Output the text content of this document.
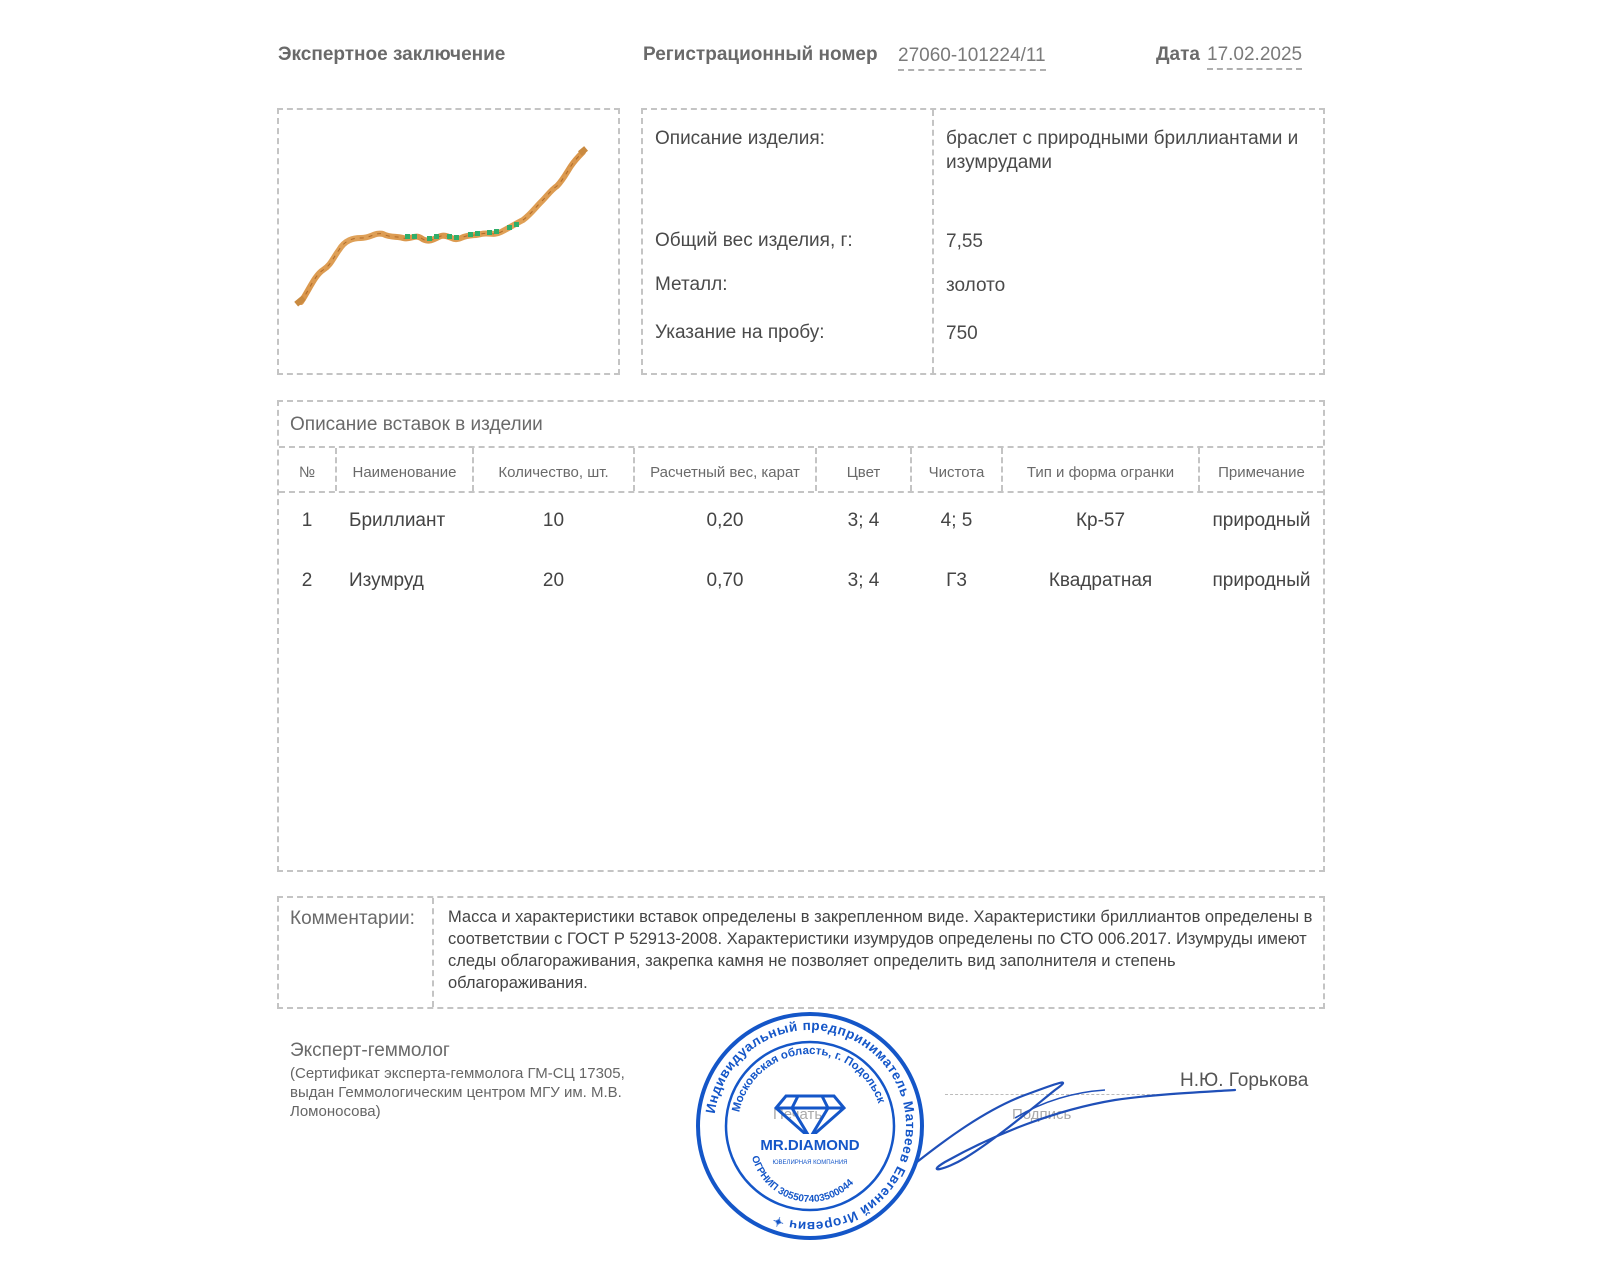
Экспертное заключение	Регистрационный номер 27060-101224/11	Дата 17.02.2025
Описание изделия:	браслет с природными бриллиантами и изумрудами
Общий вес изделия, г:	7,55
Металл:	золото
Указание на пробу:	750
Описание вставок в изделии
№	Наименование	Количество, шт.	Расчетный вес, карат	Цвет	Чистота	Тип и форма огранки	Примечание
1	Бриллиант	10	0,20	3; 4	4; 5	Кр-57	природный
2	Изумруд	20	0,70	3; 4	Г3	Квадратная	природный
Комментарии: Масса и характеристики вставок определены в закрепленном виде. Характеристики бриллиантов определены в соответствии с ГОСТ Р 52913-2008. Характеристики изумрудов определены по СТО 006.2017. Изумруды имеют следы облагораживания, закрепка камня не позволяет определить вид заполнителя и степень облагораживания.
Эксперт-геммолог
(Сертификат эксперта-геммолога ГМ-СЦ 17305, выдан Геммологическим центром МГУ им. М.В. Ломоносова)	Печать	Подпись
Н.Ю. Горькова
Индивидуальный предприниматель Матвеев Евгений Игоревич ✦
Московская область, г. Подольск
ОГРНИП 305507403500044
MR.DIAMOND
ЮВЕЛИРНАЯ КОМПАНИЯ
